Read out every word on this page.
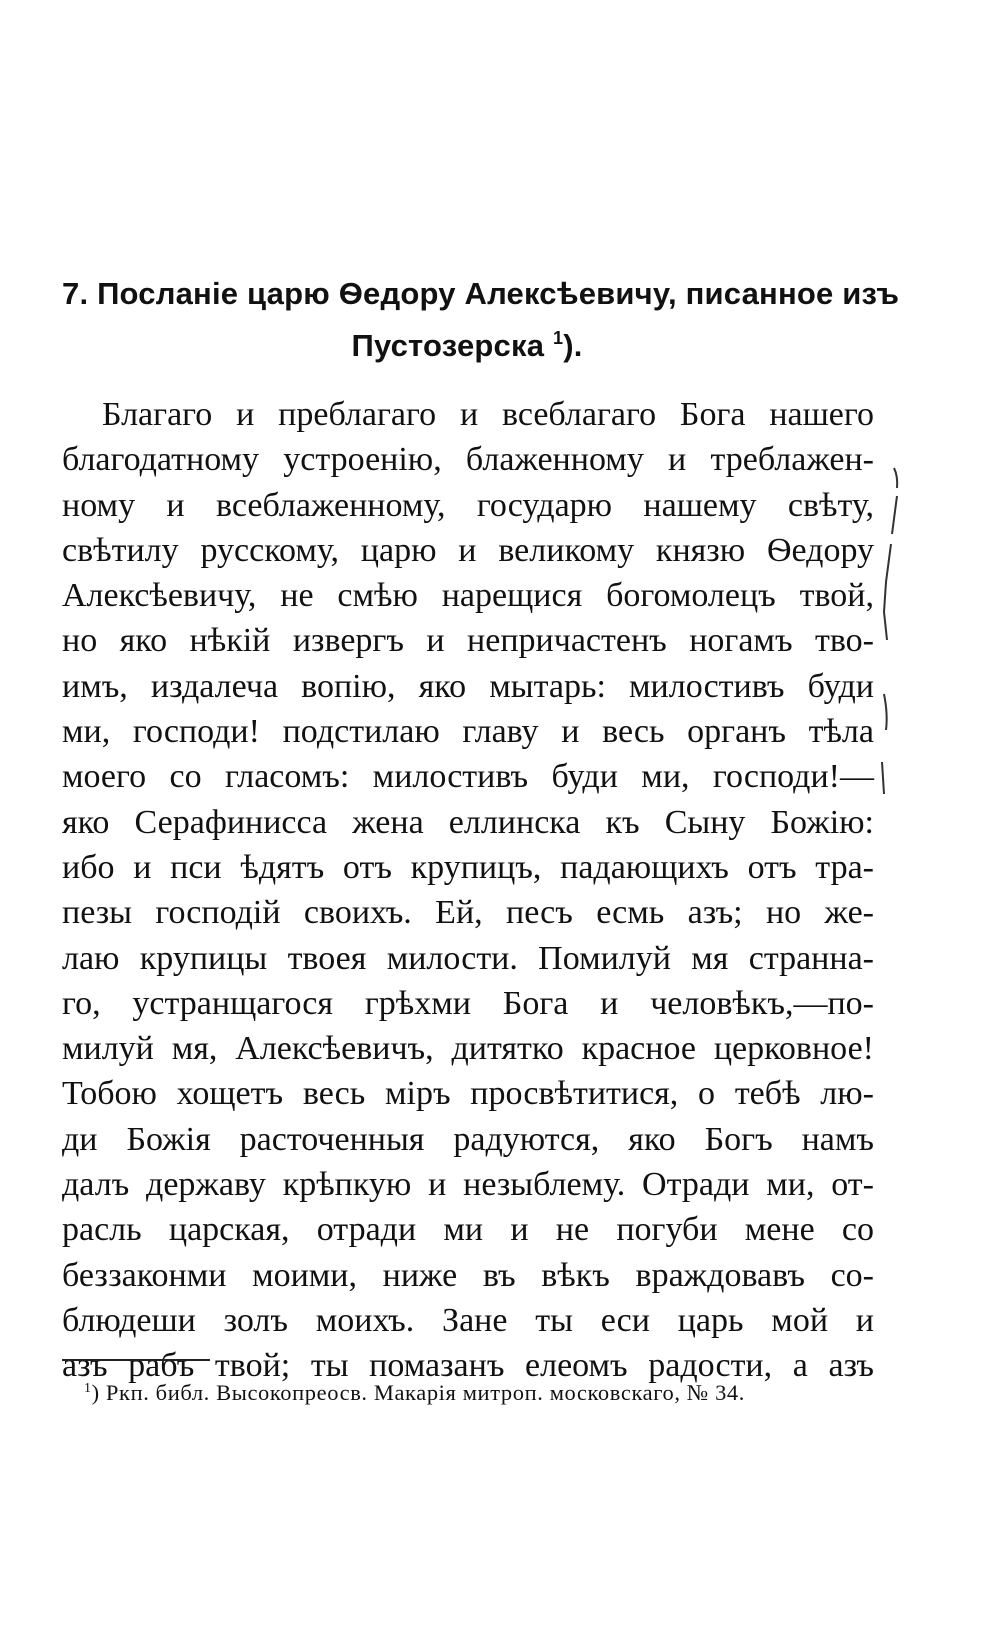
7. Посланіе царю Ѳедору Алексѣевичу, писанное изъ
Пустозерска $^1$).
Благаго и преблагаго и всеблагаго Бога нашего
благодатному устроенію, блаженному и треблажен-
ному и всеблаженному, государю нашему свѣту,
свѣтилу русскому, царю и великому князю Ѳедору
Алексѣевичу, не смѣю нарещися богомолецъ твой,
но яко нѣкій извергъ и непричастенъ ногамъ тво-
имъ, издалеча вопію, яко мытарь: милостивъ буди
ми, господи! подстилаю главу и весь органъ тѣла
моего со гласомъ: милостивъ буди ми, господи!—
яко Серафинисса жена еллинска къ Сыну Божію:
ибо и пси ѣдятъ отъ крупицъ, падающихъ отъ тра-
пезы господій своихъ. Ей, песъ есмь азъ; но же-
лаю крупицы твоея милости. Помилуй мя странна-
го, устранщагося грѣхми Бога и человѣкъ,—по-
милуй мя, Алексѣевичъ, дитятко красное церковное!
Тобою хощетъ весь міръ просвѣтитися, о тебѣ лю-
ди Божія расточенныя радуются, яко Богъ намъ
далъ державу крѣпкую и незыблему. Отради ми, от-
расль царская, отради ми и не погуби мене со
беззаконми моими, ниже въ вѣкъ враждовавъ со-
блюдеши золъ моихъ. Зане ты еси царь мой и
азъ рабъ твой; ты помазанъ елеомъ радости, а азъ
$^1$) Ркп. библ. Высокопреосв. Макарія митроп. московскаго, № 34.
